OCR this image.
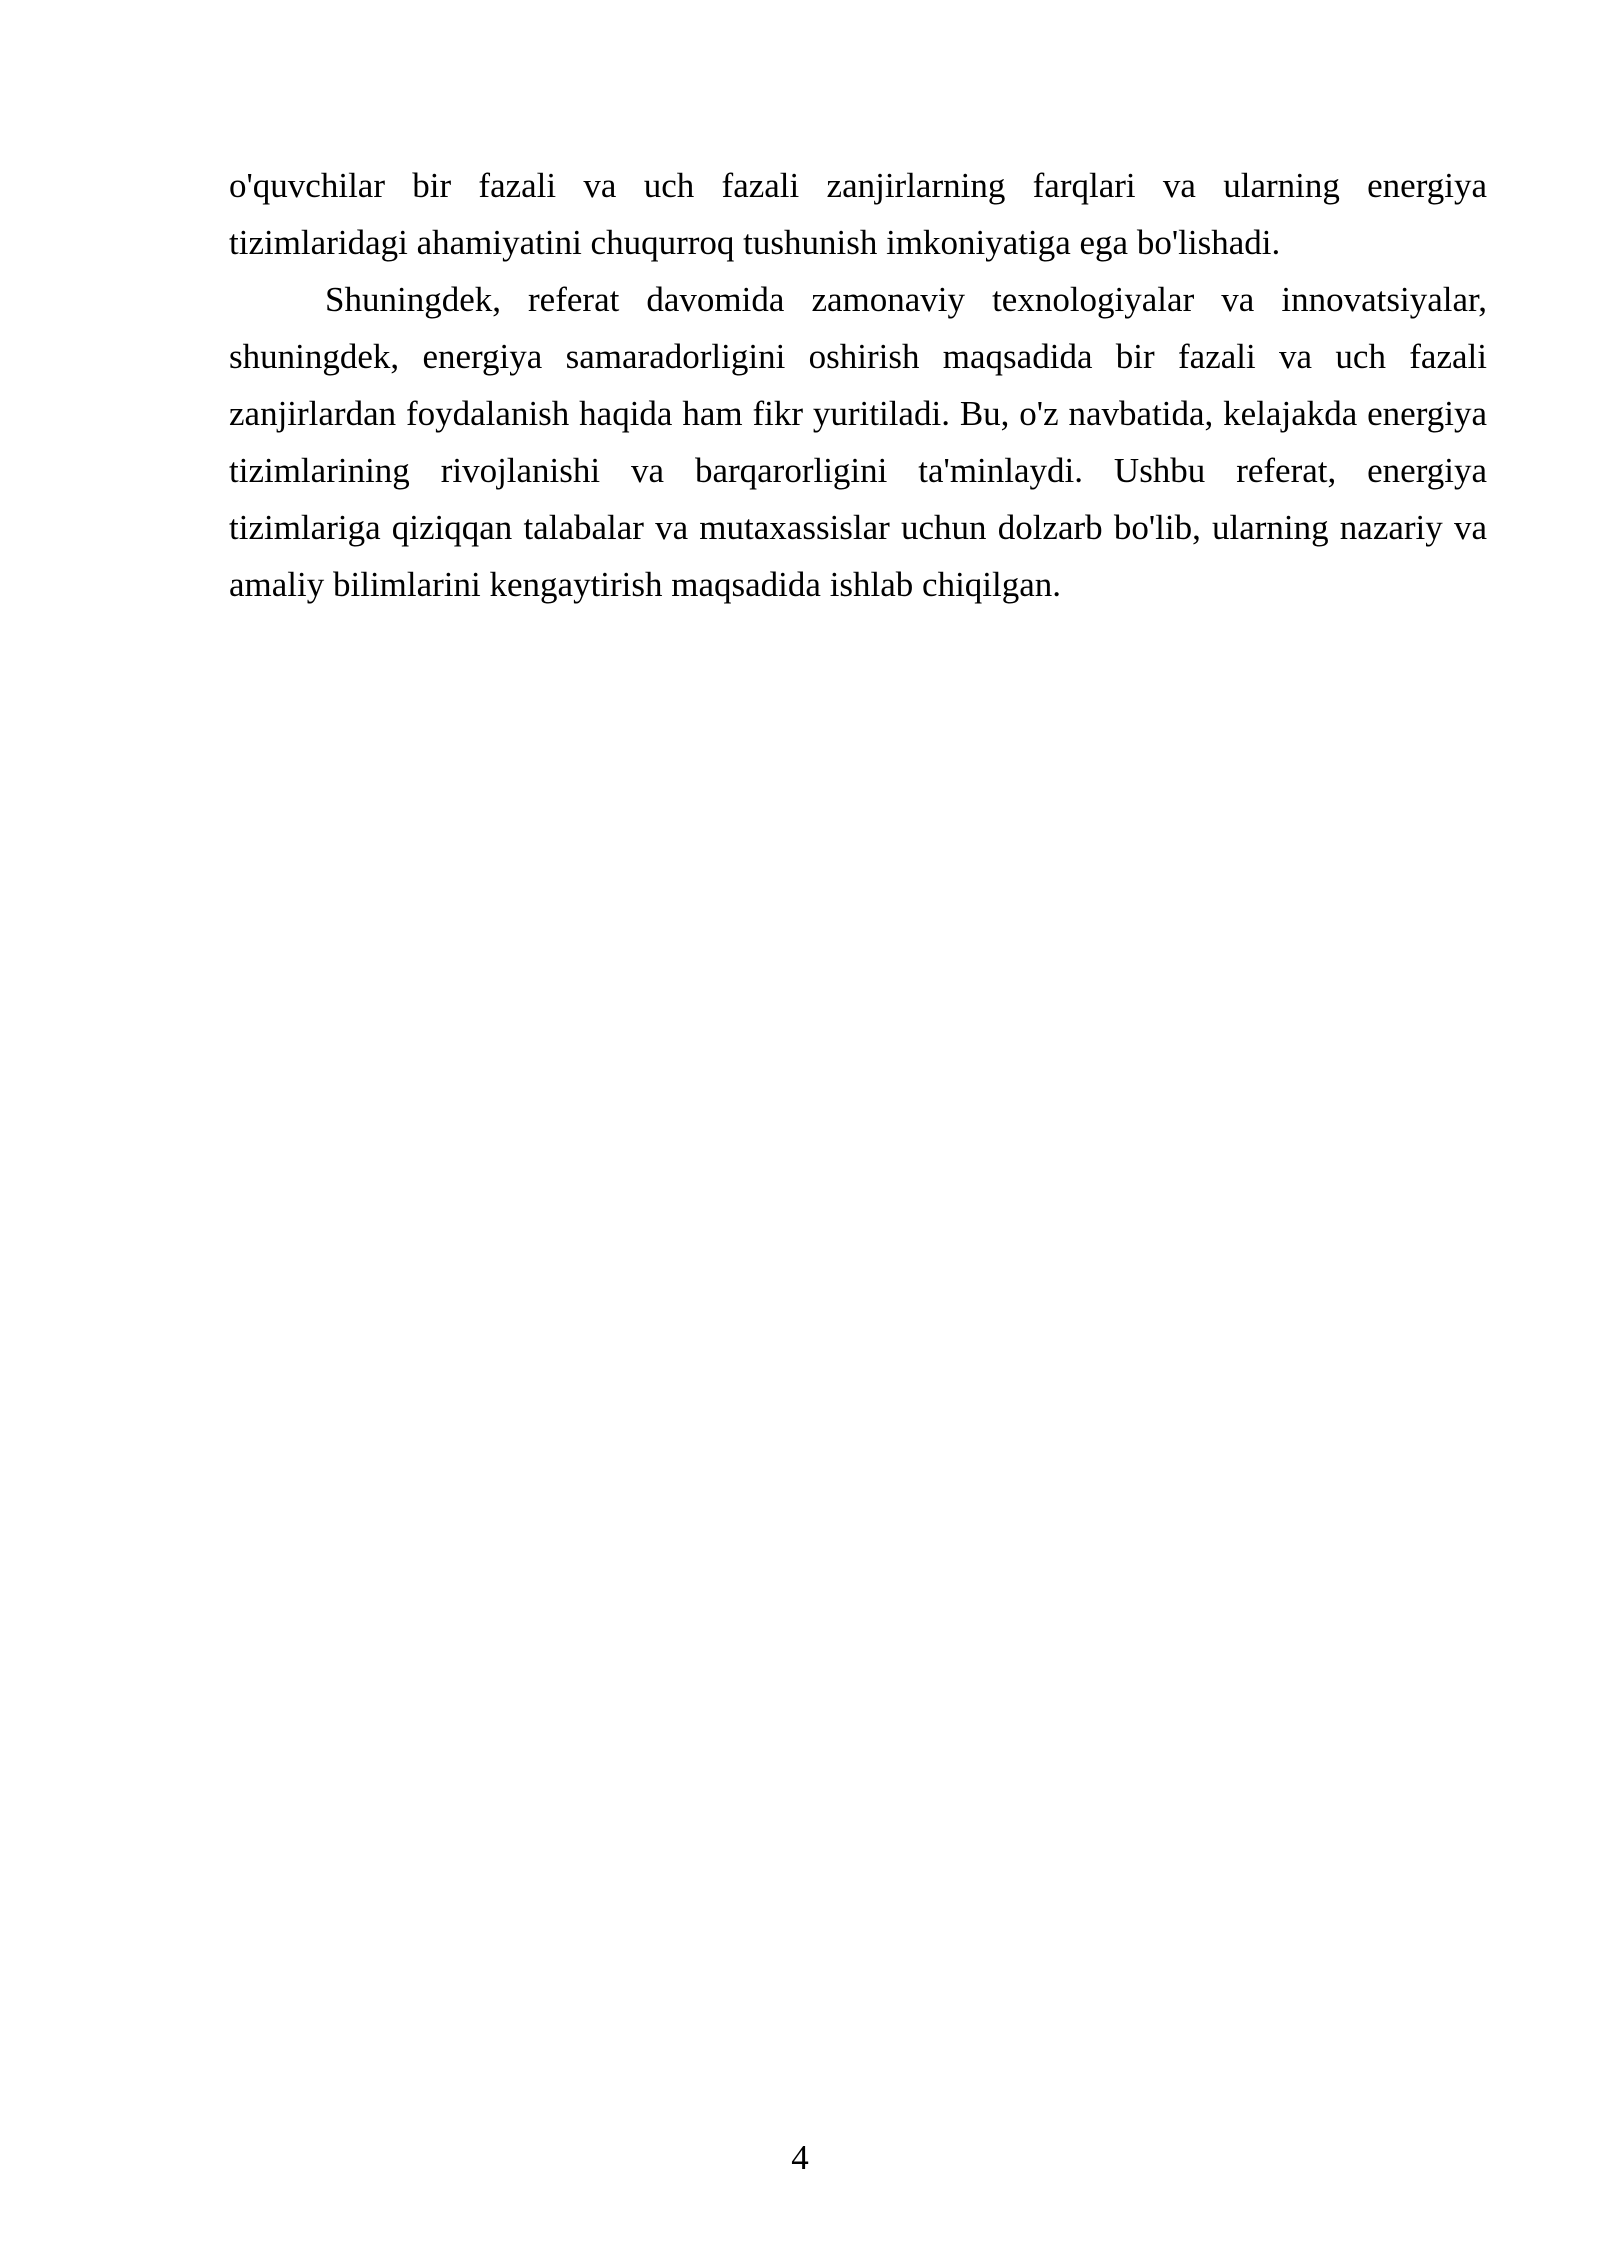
o'quvchilar bir fazali va uch fazali zanjirlarning farqlari va ularning energiya tizimlaridagi ahamiyatini chuqurroq tushunish imkoniyatiga ega bo'lishadi.

Shuningdek, referat davomida zamonaviy texnologiyalar va innovatsiyalar, shuningdek, energiya samaradorligini oshirish maqsadida bir fazali va uch fazali zanjirlardan foydalanish haqida ham fikr yuritiladi. Bu, o'z navbatida, kelajakda energiya tizimlarining rivojlanishi va barqarorligini ta'minlaydi. Ushbu referat, energiya tizimlariga qiziqqan talabalar va mutaxassislar uchun dolzarb bo'lib, ularning nazariy va amaliy bilimlarini kengaytirish maqsadida ishlab chiqilgan.

4
